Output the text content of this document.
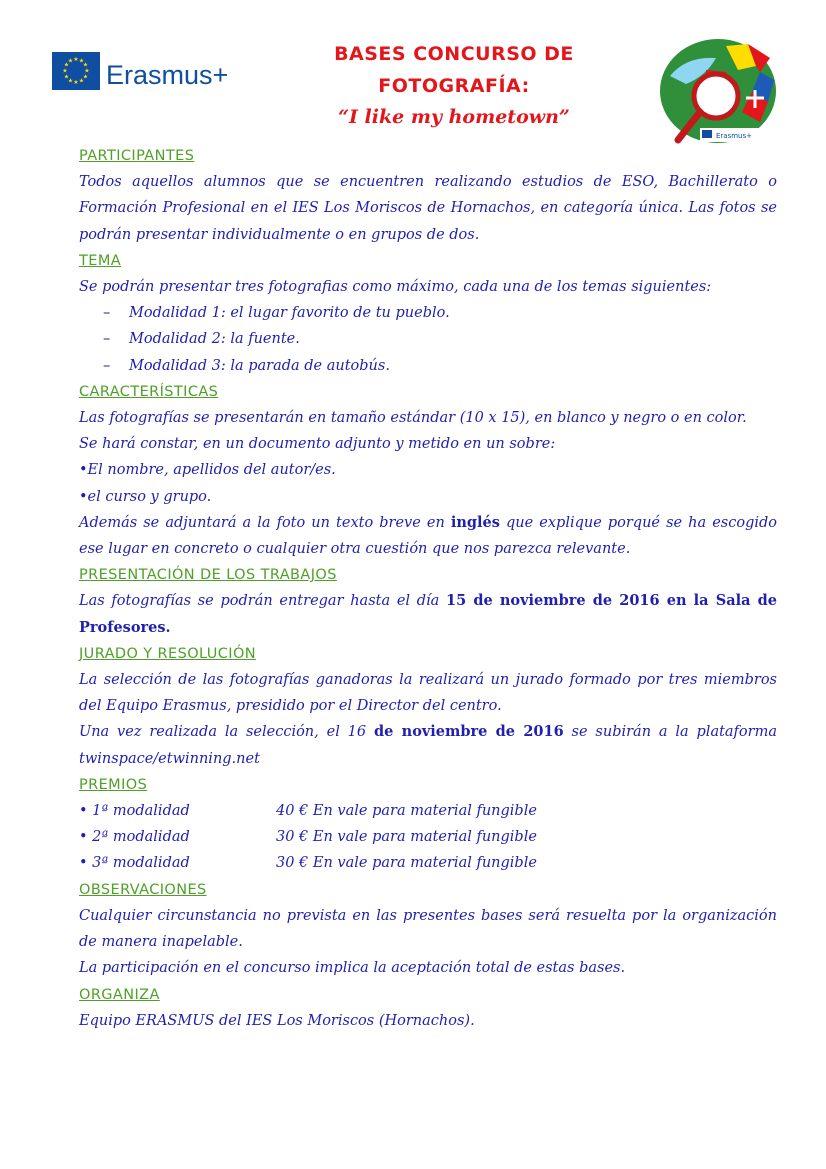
★ ★
★
★
★
★
★
★
★
★
★
★ Erasmus+
BASES CONCURSO DE
FOTOGRAFÍA:
“I like my hometown”
Erasmus+
PARTICIPANTES

Todos aquellos alumnos que se encuentren realizando estudios de ESO, Bachillerato o Formación Profesional en el IES Los Moriscos de Hornachos, en categoría única. Las fotos se podrán presentar individualmente o en grupos de dos.

TEMA

Se podrán presentar tres fotografias como máximo, cada una de los temas siguientes:

– Modalidad 1: el lugar favorito de tu pueblo.
– Modalidad 2: la fuente.
– Modalidad 3: la parada de autobús.
CARACTERÍSTICAS

Las fotografías se presentarán en tamaño estándar (10 x 15), en blanco y negro o en color.

Se hará constar, en un documento adjunto y metido en un sobre:

•El nombre, apellidos del autor/es.

•el curso y grupo.

Además se adjuntará a la foto un texto breve en inglés que explique porqué se ha escogido ese lugar en concreto o cualquier otra cuestión que nos parezca relevante.

PRESENTACIÓN DE LOS TRABAJOS

Las fotografías se podrán entregar hasta el día 15 de noviembre de 2016 en la Sala de Profesores.

JURADO Y RESOLUCIÓN

La selección de las fotografías ganadoras la realizará un jurado formado por tres miembros del Equipo Erasmus, presidido por el Director del centro.

Una vez realizada la selección, el 16 de noviembre de 2016 se subirán a la plataforma twinspace/etwinning.net

PREMIOS
• 1ª modalidad	40 € En vale para material fungible
• 2ª modalidad	30 € En vale para material fungible
• 3ª modalidad	30 € En vale para material fungible
OBSERVACIONES

Cualquier circunstancia no prevista en las presentes bases será resuelta por la organización de manera inapelable.

La participación en el concurso implica la aceptación total de estas bases.

ORGANIZA

Equipo ERASMUS del IES Los Moriscos (Hornachos).
